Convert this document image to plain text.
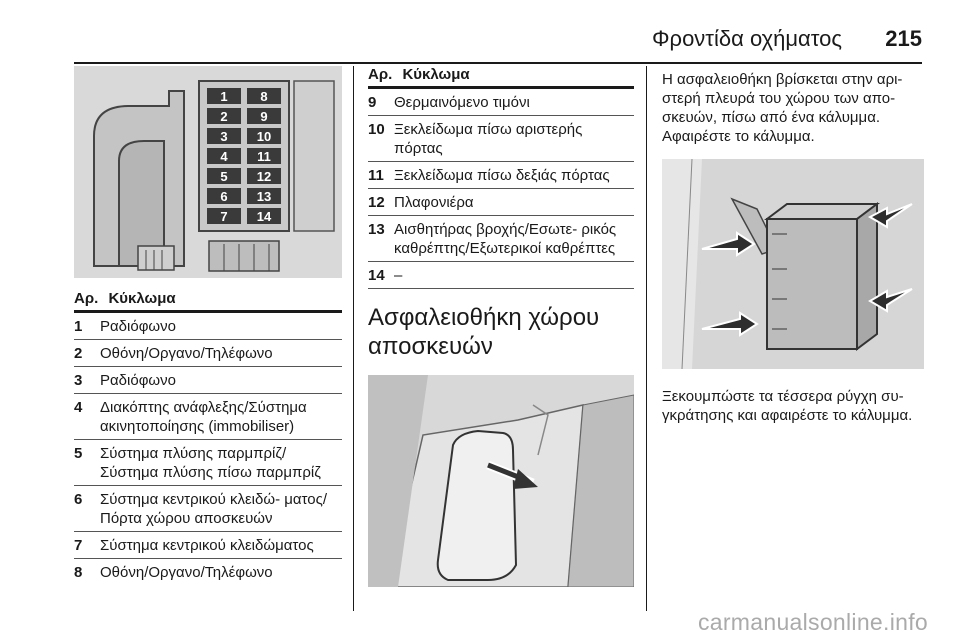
Φροντίδα οχήματος 215
1
2
3
4
5
6
7
8
9
10
11
12
13
14
Αρ. Κύκλωμα
1	Ραδιόφωνο
2	Οθόνη/Οργανο/Τηλέφωνο
3	Ραδιόφωνο
4	Διακόπτης ανάφλεξης/Σύστημα ακινητοποίησης (immobiliser)
5	Σύστημα πλύσης παρμπρίζ/ Σύστημα πλύσης πίσω παρμπρίζ
6	Σύστημα κεντρικού κλειδώ- ματος/Πόρτα χώρου αποσκευών
7	Σύστημα κεντρικού κλειδώματος
8	Οθόνη/Οργανο/Τηλέφωνο
Αρ. Κύκλωμα
9	Θερμαινόμενο τιμόνι
10 Ξεκλείδωμα πίσω αριστερής πόρτας
11 Ξεκλείδωμα πίσω δεξιάς πόρτας
12 Πλαφονιέρα
13 Αισθητήρας βροχής/Εσωτε- ρικός καθρέπτης/Εξωτερικοί καθρέπτες
14 –
Ασφαλειοθήκη χώρου αποσκευών
Η ασφαλειοθήκη βρίσκεται στην αρι- στερή πλευρά του χώρου των απο- σκευών, πίσω από ένα κάλυμμα. Αφαιρέστε το κάλυμμα.
Ξεκουμπώστε τα τέσσερα ρύγχη συ- γκράτησης και αφαιρέστε το κάλυμμα.
carmanualsonline.info
